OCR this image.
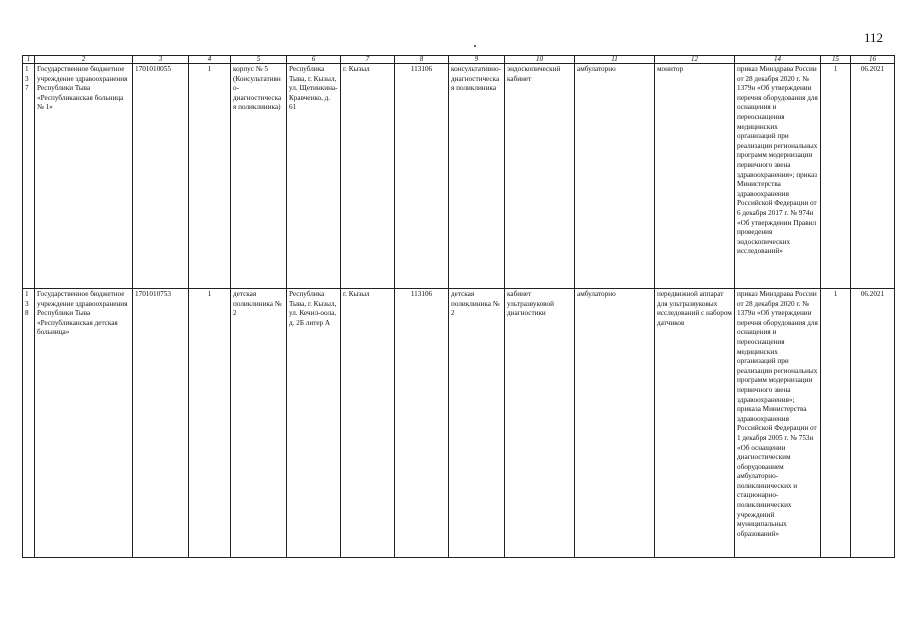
112
1	2	3	4	5	6	7	8	9	10	11	12	14	15	16
137	Государственное бюджетное учреждение здравоохранения Республики Тыва «Республиканская больница № 1»	1701010055	1	корпус № 5 (Консультативно-диагностическая поликлиника)	Республика Тыва, г. Кызыл, ул. Щетинкина-Кравченко, д. 61	г. Кызыл	113106	консультативно-диагностическая поликлиника	эндоскопический кабинет	амбулаторно	монитор	приказ Минздрава России от 28 декабря 2020 г. № 1379н «Об утверждении перечня оборудования для оснащения и переоснащения медицинских организаций при реализации региональных программ модернизации первичного звена здравоохранения»; приказ Министерства здравоохранения Российской Федерации от 6 декабря 2017 г. № 974н «Об утверждении Правил проведения эндоскопических исследований»	1	06.2021
138	Государственное бюджетное учреждение здравоохранения Республики Тыва «Республиканская детская больница»	1701010753	1	детская поликлиника № 2	Республика Тыва, г. Кызыл, ул. Кечил-оола, д. 2Б литер А	г. Кызыл	113106	детская поликлиника № 2	кабинет ультразвуковой диагностики	амбулаторно	передвижной аппарат для ультразвуковых исследований с набором датчиков	приказ Минздрава России от 28 декабря 2020 г. № 1379н «Об утверждении перечня оборудования для оснащения и переоснащения медицинских организаций при реализации региональных программ модернизации первичного звена здравоохранения»; приказа Министерства здравоохранения Российской Федерации от 1 декабря 2005 г. № 753н «Об оснащении диагностическим оборудованием амбулаторно-поликлинических и стационарно-поликлинических учреждений муниципальных образований»	1	06.2021
